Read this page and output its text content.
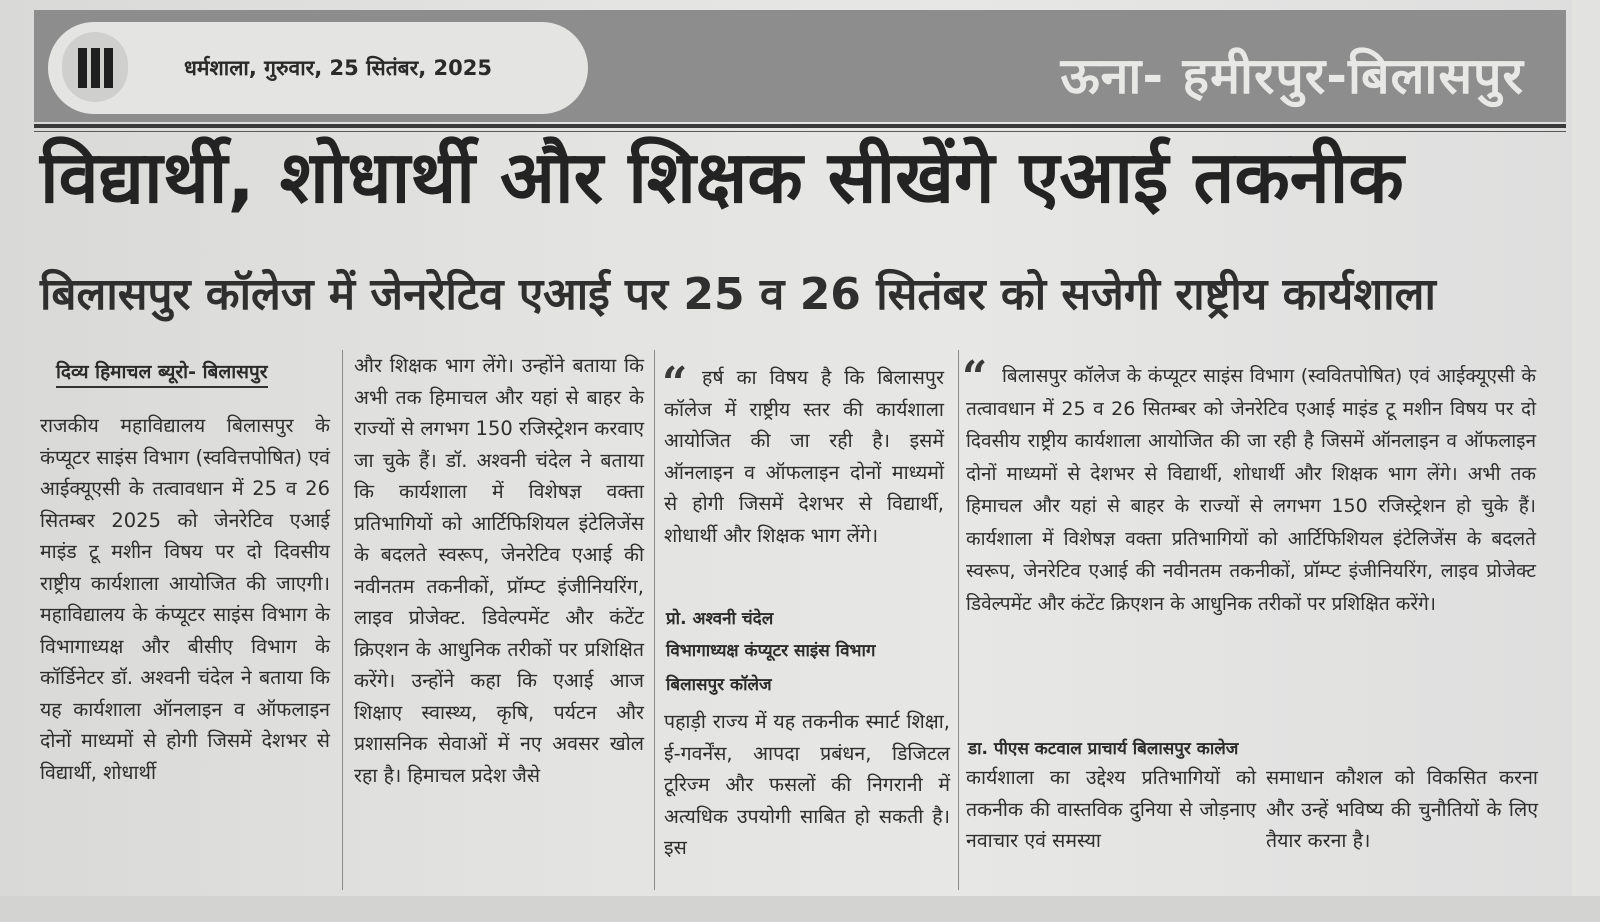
धर्मशाला, गुरुवार, 25 सितंबर, 2025	ऊना- हमीरपुर-बिलासपुर
विद्यार्थी, शोधार्थी और शिक्षक सीखेंगे एआई तकनीक
बिलासपुर कॉलेज में जेनरेटिव एआई पर 25 व 26 सितंबर को सजेगी राष्ट्रीय कार्यशाला
दिव्य हिमाचल ब्यूरो- बिलासपुर
राजकीय महाविद्यालय बिलासपुर के कंप्यूटर साइंस विभाग (स्ववित्तपोषित) एवं आईक्यूएसी के तत्वावधान में 25 व 26 सितम्बर 2025 को जेनरेटिव एआई माइंड टू मशीन विषय पर दो दिवसीय राष्ट्रीय कार्यशाला आयोजित की जाएगी। महाविद्यालय के कंप्यूटर साइंस विभाग के विभागाध्यक्ष और बीसीए विभाग के कॉर्डिनेटर डॉ. अश्वनी चंदेल ने बताया कि यह कार्यशाला ऑनलाइन व ऑफलाइन दोनों माध्यमों से होगी जिसमें देशभर से विद्यार्थी, शोधार्थी
और शिक्षक भाग लेंगे। उन्होंने बताया कि अभी तक हिमाचल और यहां से बाहर के राज्यों से लगभग 150 रजिस्ट्रेशन करवाए जा चुके हैं। डॉ. अश्वनी चंदेल ने बताया कि कार्यशाला में विशेषज्ञ वक्ता प्रतिभागियों को आर्टिफिशियल इंटेलिजेंस के बदलते स्वरूप, जेनरेटिव एआई की नवीनतम तकनीकों, प्रॉम्प्ट इंजीनियरिंग, लाइव प्रोजेक्ट. डिवेल्पमेंट और कंटेंट क्रिएशन के आधुनिक तरीकों पर प्रशिक्षित करेंगे। उन्होंने कहा कि एआई आज शिक्षाए स्वास्थ्य, कृषि, पर्यटन और प्रशासनिक सेवाओं में नए अवसर खोल रहा है। हिमाचल प्रदेश जैसे
“ हर्ष का विषय है कि बिलासपुर कॉलेज में राष्ट्रीय स्तर की कार्यशाला आयोजित की जा रही है। इसमें ऑनलाइन व ऑफलाइन दोनों माध्यमों से होगी जिसमें देशभर से विद्यार्थी, शोधार्थी और शिक्षक भाग लेंगे।
प्रो. अश्वनी चंदेल
विभागाध्यक्ष कंप्यूटर साइंस विभाग
बिलासपुर कॉलेज
पहाड़ी राज्य में यह तकनीक स्मार्ट शिक्षा, ई-गवर्नेंस, आपदा प्रबंधन, डिजिटल टूरिज्म और फसलों की निगरानी में अत्यधिक उपयोगी साबित हो सकती है। इस
“ बिलासपुर कॉलेज के कंप्यूटर साइंस विभाग (स्ववितपोषित) एवं आईक्यूएसी के तत्वावधान में 25 व 26 सितम्बर को जेनरेटिव एआई माइंड टू मशीन विषय पर दो दिवसीय राष्ट्रीय कार्यशाला आयोजित की जा रही है जिसमें ऑनलाइन व ऑफलाइन दोनों माध्यमों से देशभर से विद्यार्थी, शोधार्थी और शिक्षक भाग लेंगे। अभी तक हिमाचल और यहां से बाहर के राज्यों से लगभग 150 रजिस्ट्रेशन हो चुके हैं। कार्यशाला में विशेषज्ञ वक्ता प्रतिभागियों को आर्टिफिशियल इंटेलिजेंस के बदलते स्वरूप, जेनरेटिव एआई की नवीनतम तकनीकों, प्रॉम्प्ट इंजीनियरिंग, लाइव प्रोजेक्ट डिवेल्पमेंट और कंटेंट क्रिएशन के आधुनिक तरीकों पर प्रशिक्षित करेंगे।
डा. पीएस कटवाल प्राचार्य बिलासपुर कालेज
कार्यशाला का उद्देश्य प्रतिभागियों को तकनीक की वास्तविक दुनिया से जोड़नाए नवाचार एवं समस्या
समाधान कौशल को विकसित करना और उन्हें भविष्य की चुनौतियों के लिए तैयार करना है।
